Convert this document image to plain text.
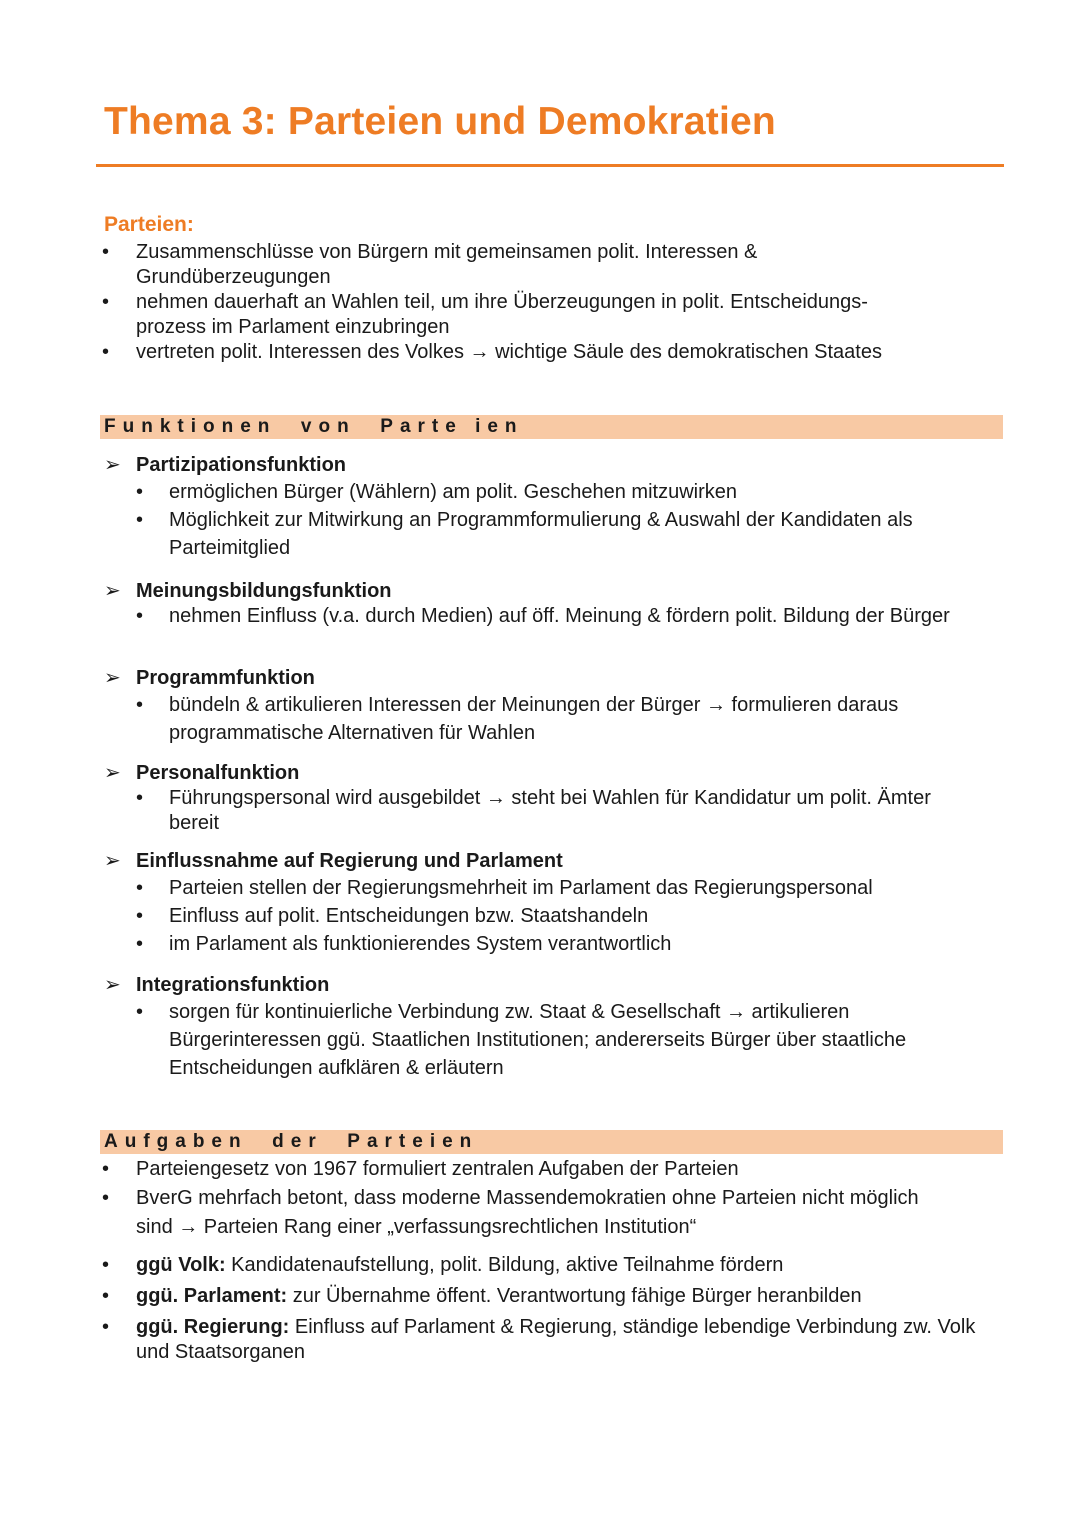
Thema 3: Parteien und Demokratien
Parteien:
• Zusammenschlüsse von Bürgern mit gemeinsamen polit. Interessen & Grundüberzeugungen
• nehmen dauerhaft an Wahlen teil, um ihre Überzeugungen in polit. Entscheidungs- prozess im Parlament einzubringen
• vertreten polit. Interessen des Volkes → wichtige Säule des demokratischen Staates
Funktionen  von  Parte ien
➢ Partizipationsfunktion
• ermöglichen Bürger (Wählern) am polit. Geschehen mitzuwirken
• Möglichkeit zur Mitwirkung an Programmformulierung & Auswahl der Kandidaten als Parteimitglied
➢ Meinungsbildungsfunktion
• nehmen Einfluss (v.a. durch Medien) auf öff. Meinung & fördern polit. Bildung der Bürger
➢ Programmfunktion
• bündeln & artikulieren Interessen der Meinungen der Bürger → formulieren daraus programmatische Alternativen für Wahlen
➢ Personalfunktion
• Führungspersonal wird ausgebildet → steht bei Wahlen für Kandidatur um polit. Ämter bereit
➢ Einflussnahme auf Regierung und Parlament
• Parteien stellen der Regierungsmehrheit im Parlament das Regierungspersonal
• Einfluss auf polit. Entscheidungen bzw. Staatshandeln
• im Parlament als funktionierendes System verantwortlich
➢ Integrationsfunktion
• sorgen für kontinuierliche Verbindung zw. Staat & Gesellschaft → artikulieren Bürgerinteressen ggü. Staatlichen Institutionen; andererseits Bürger über staatliche Entscheidungen aufklären & erläutern
Aufgaben  der  Parteien
• Parteiengesetz von 1967 formuliert zentralen Aufgaben der Parteien
• BverG mehrfach betont, dass moderne Massendemokratien ohne Parteien nicht möglich sind → Parteien Rang einer „verfassungsrechtlichen Institution“
• ggü Volk: Kandidatenaufstellung, polit. Bildung, aktive Teilnahme fördern
• ggü. Parlament: zur Übernahme öffent. Verantwortung fähige Bürger heranbilden
• ggü. Regierung: Einfluss auf Parlament & Regierung, ständige lebendige Verbindung zw. Volk und Staatsorganen
